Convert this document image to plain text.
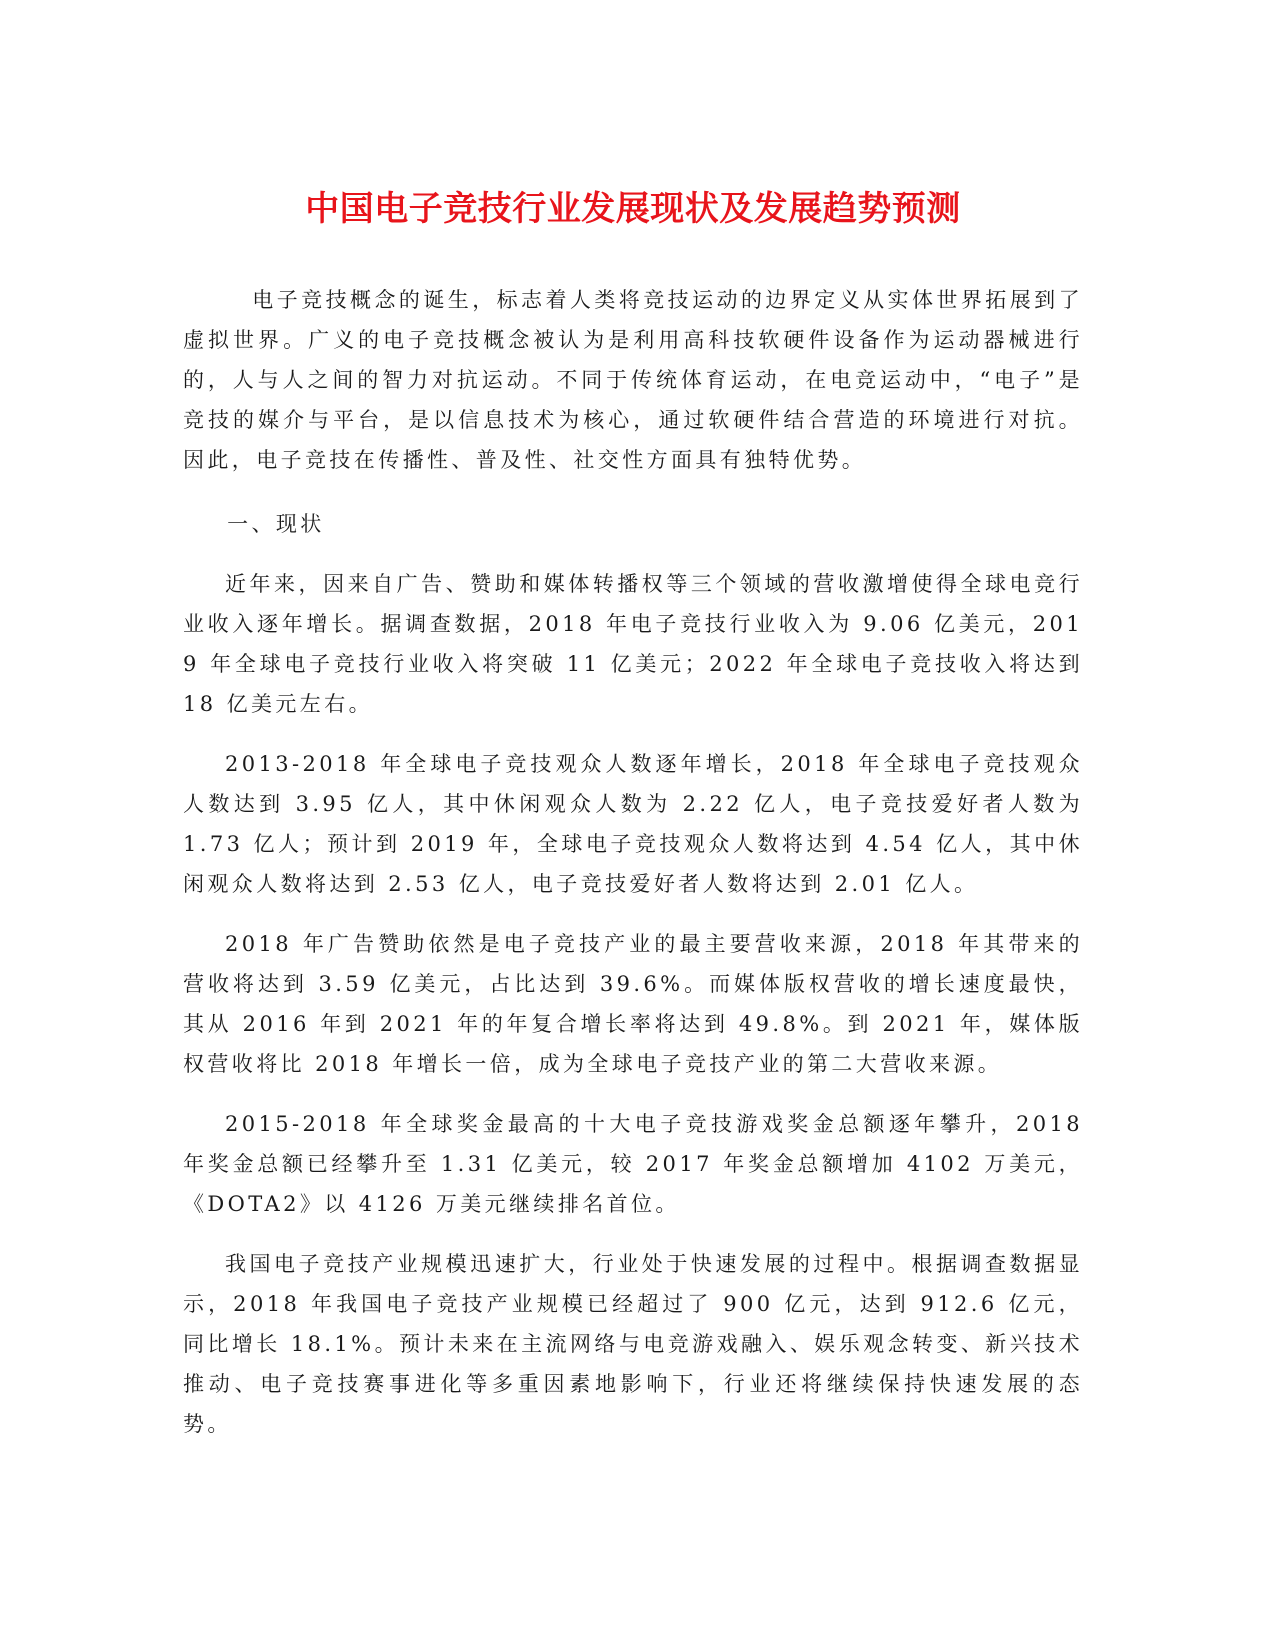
中国电子竞技行业发展现状及发展趋势预测

电子竞技概念的诞生，标志着人类将竞技运动的边界定义从实体世界拓展到了虚拟世界。广义的电子竞技概念被认为是利用高科技软硬件设备作为运动器械进行的，人与人之间的智力对抗运动。不同于传统体育运动，在电竞运动中，“电子”是竞技的媒介与平台，是以信息技术为核心，通过软硬件结合营造的环境进行对抗。因此，电子竞技在传播性、普及性、社交性方面具有独特优势。

一、现状

近年来，因来自广告、赞助和媒体转播权等三个领域的营收激增使得全球电竞行业收入逐年增长。据调查数据，2018 年电子竞技行业收入为 9.06 亿美元，2019 年全球电子竞技行业收入将突破 11 亿美元；2022 年全球电子竞技收入将达到 18 亿美元左右。

2013-2018 年全球电子竞技观众人数逐年增长，2018 年全球电子竞技观众人数达到 3.95 亿人，其中休闲观众人数为 2.22 亿人，电子竞技爱好者人数为 1.73 亿人；预计到 2019 年，全球电子竞技观众人数将达到 4.54 亿人，其中休闲观众人数将达到 2.53 亿人，电子竞技爱好者人数将达到 2.01 亿人。

2018 年广告赞助依然是电子竞技产业的最主要营收来源，2018 年其带来的营收将达到 3.59 亿美元，占比达到 39.6%。而媒体版权营收的增长速度最快，其从 2016 年到 2021 年的年复合增长率将达到 49.8%。到 2021 年，媒体版权营收将比 2018 年增长一倍，成为全球电子竞技产业的第二大营收来源。

2015-2018 年全球奖金最高的十大电子竞技游戏奖金总额逐年攀升，2018 年奖金总额已经攀升至 1.31 亿美元，较 2017 年奖金总额增加 4102 万美元，《DOTA2》以 4126 万美元继续排名首位。

我国电子竞技产业规模迅速扩大，行业处于快速发展的过程中。根据调查数据显示，2018 年我国电子竞技产业规模已经超过了 900 亿元，达到 912.6 亿元，同比增长 18.1%。预计未来在主流网络与电竞游戏融入、娱乐观念转变、新兴技术推动、电子竞技赛事进化等多重因素地影响下，行业还将继续保持快速发展的态势。
